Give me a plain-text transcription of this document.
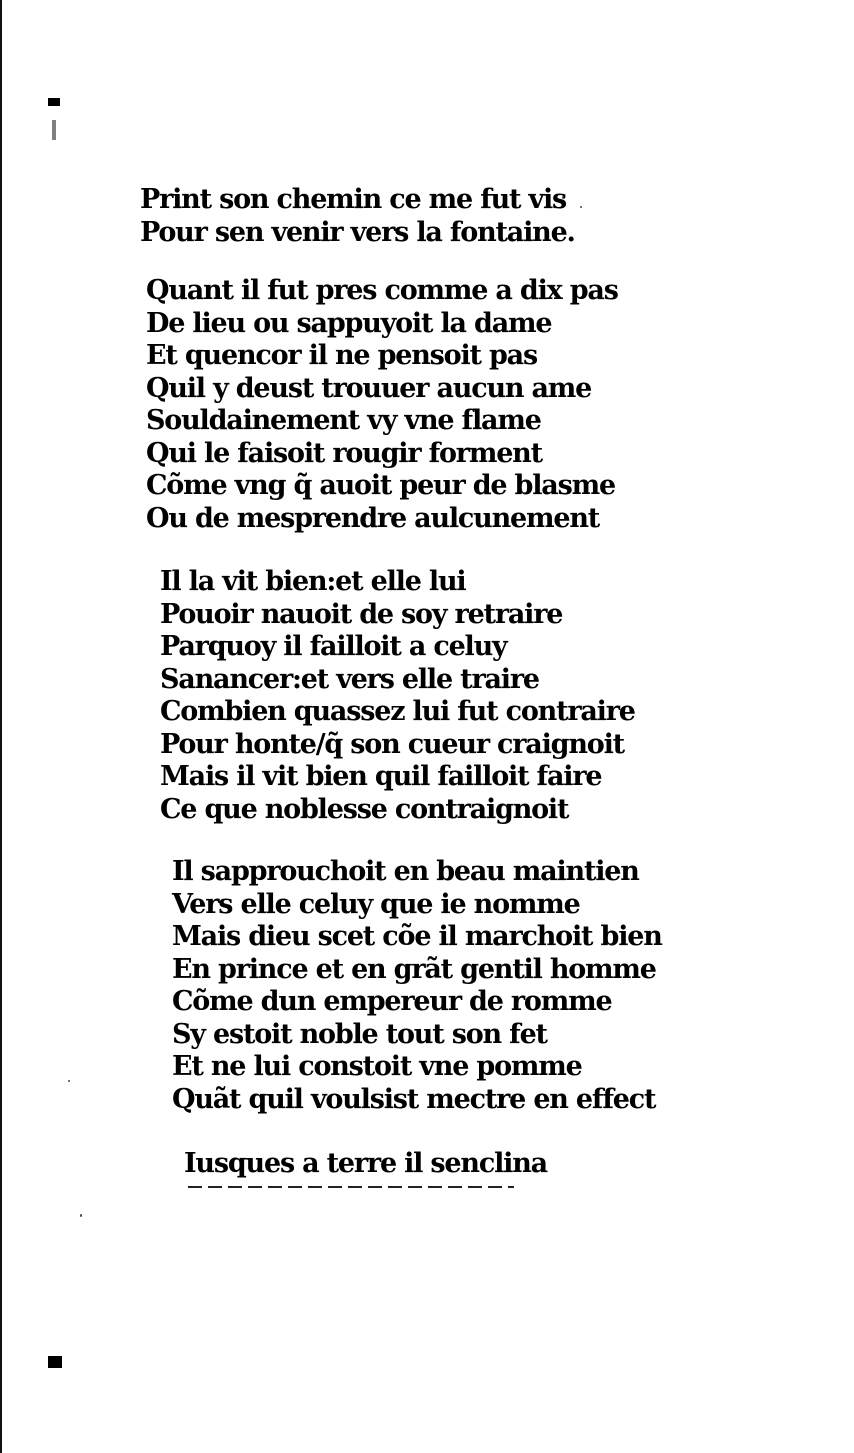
Print son chemin ce me fut vis
Pour sen venir vers la fontaine.
Quant il fut pres comme a dix pas
De lieu ou sappuyoit la dame
Et quencor il ne pensoit pas
Quil y deust trouuer aucun ame
Souldainement vy vne flame
Qui le faisoit rougir forment
Cõme vng q̃ auoit peur de blasme
Ou de mesprendre aulcunement
Il la vit bien:et elle lui
Pouoir nauoit de soy retraire
Parquoy il failloit a celuy
Sanancer:et vers elle traire
Combien quassez lui fut contraire
Pour honte/q̃ son cueur craignoit
Mais il vit bien quil failloit faire
Ce que noblesse contraignoit
Il sapprouchoit en beau maintien
Vers elle celuy que ie nomme
Mais dieu scet cõe il marchoit bien
En prince et en grãt gentil homme
Cõme dun empereur de romme
Sy estoit noble tout son fet
Et ne lui constoit vne pomme
Quãt quil voulsist mectre en effect
Iusques a terre il senclina
